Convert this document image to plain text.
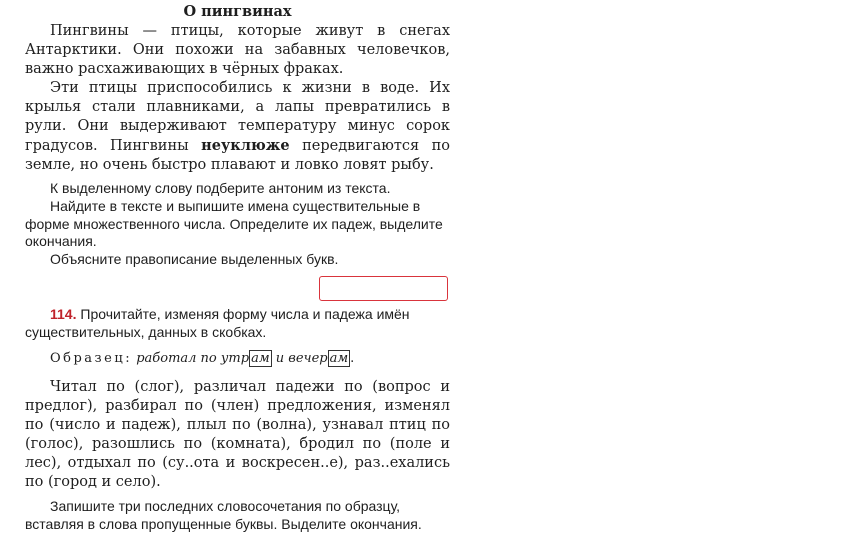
О пингвинах

Пингвины — птицы, которые живут в снегах Антарктики. Они похожи на забавных человечков, важно расхаживающих в чёрных фраках.

Эти птицы приспособились к жизни в воде. Их крылья стали плавниками, а лапы превратились в рули. Они выдерживают температуру минус сорок градусов. Пингвины неуклюже передвигаются по земле, но очень быстро плавают и ловко ловят рыбу.

К выделенному слову подберите антоним из текста.

Найдите в тексте и выпишите имена существительные в форме множественного числа. Определите их падеж, выделите окончания.

Объясните правописание выделенных букв.

114. Прочитайте, изменяя форму числа и падежа имён существительных, данных в скобках.

Образец: работал по утр ам и вечер ам .

Читал по (слог), различал падежи по (вопрос и предлог), разбирал по (член) предложения, изменял по (число и падеж), плыл по (волна), узнавал птиц по (голос), разошлись по (комната), бродил по (поле и лес), отдыхал по (су..ота и воскресен..е), раз..ехались по (город и село).

Запишите три последних словосочетания по образцу, вставляя в слова пропущенные буквы. Выделите окончания.
